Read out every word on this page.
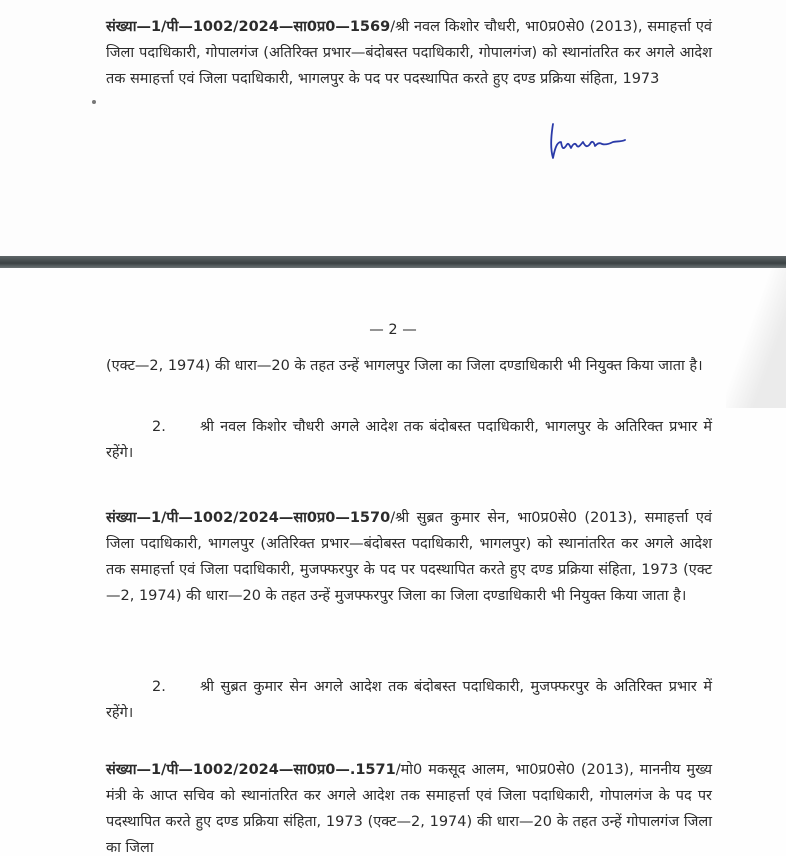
संख्या—1/पी—1002/2024—सा0प्र0—1569/श्री नवल किशोर चौधरी, भा0प्र0से0 (2013), समाहर्त्ता एवं जिला पदाधिकारी, गोपालगंज (अतिरिक्त प्रभार—बंदोबस्त पदाधिकारी, गोपालगंज) को स्थानांतरित कर अगले आदेश तक समाहर्त्ता एवं जिला पदाधिकारी, भागलपुर के पद पर पदस्थापित करते हुए दण्ड प्रक्रिया संहिता, 1973

— 2 —

(एक्ट—2, 1974) की धारा—20 के तहत उन्हें भागलपुर जिला का जिला दण्डाधिकारी भी नियुक्त किया जाता है।

2. श्री नवल किशोर चौधरी अगले आदेश तक बंदोबस्त पदाधिकारी, भागलपुर के अतिरिक्त प्रभार में रहेंगे।

संख्या—1/पी—1002/2024—सा0प्र0—1570/श्री सुब्रत कुमार सेन, भा0प्र0से0 (2013), समाहर्त्ता एवं जिला पदाधिकारी, भागलपुर (अतिरिक्त प्रभार—बंदोबस्त पदाधिकारी, भागलपुर) को स्थानांतरित कर अगले आदेश तक समाहर्त्ता एवं जिला पदाधिकारी, मुजफ्फरपुर के पद पर पदस्थापित करते हुए दण्ड प्रक्रिया संहिता, 1973 (एक्ट—2, 1974) की धारा—20 के तहत उन्हें मुजफ्फरपुर जिला का जिला दण्डाधिकारी भी नियुक्त किया जाता है।

2. श्री सुब्रत कुमार सेन अगले आदेश तक बंदोबस्त पदाधिकारी, मुजफ्फरपुर के अतिरिक्त प्रभार में रहेंगे।

संख्या—1/पी—1002/2024—सा0प्र0—.1571/मो0 मकसूद आलम, भा0प्र0से0 (2013), माननीय मुख्य मंत्री के आप्त सचिव को स्थानांतरित कर अगले आदेश तक समाहर्त्ता एवं जिला पदाधिकारी, गोपालगंज के पद पर पदस्थापित करते हुए दण्ड प्रक्रिया संहिता, 1973 (एक्ट—2, 1974) की धारा—20 के तहत उन्हें गोपालगंज जिला का जिला
